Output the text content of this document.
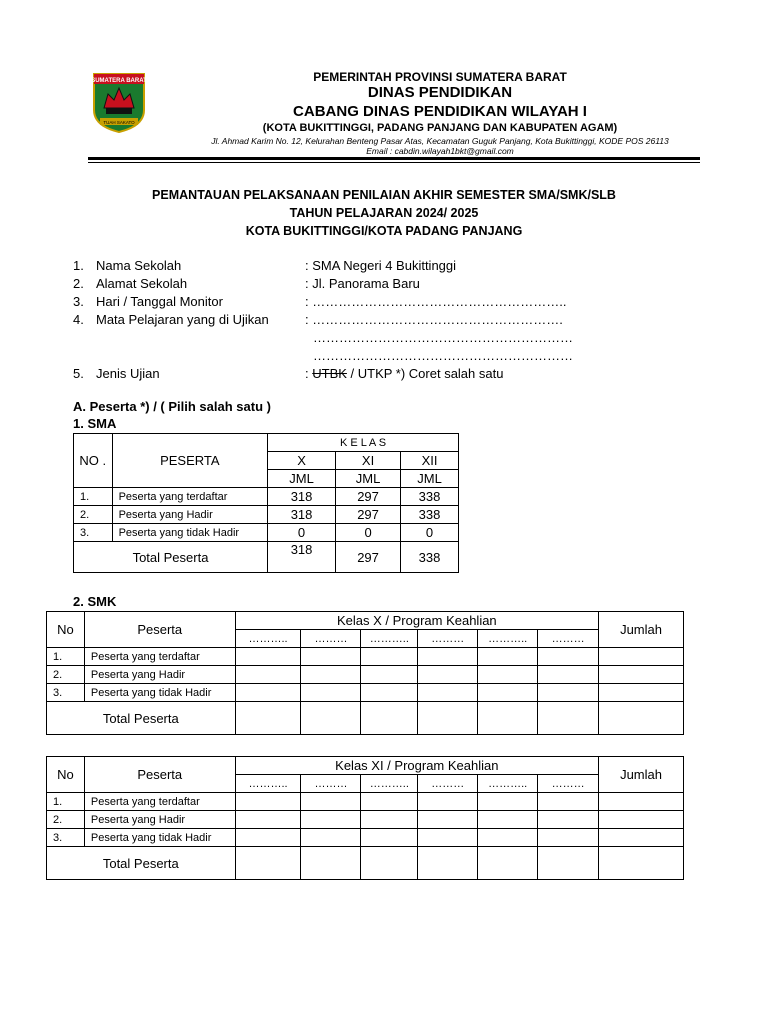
SUMATERA BARAT
TUAH SAKATO
PEMERINTAH PROVINSI SUMATERA BARAT
DINAS PENDIDIKAN
CABANG DINAS PENDIDIKAN WILAYAH I
(KOTA BUKITTINGGI, PADANG PANJANG DAN KABUPATEN AGAM)
Jl. Ahmad Karim No. 12, Kelurahan Benteng Pasar Atas, Kecamatan Guguk Panjang, Kota Bukittinggi, KODE POS 26113
Email : cabdin.wilayah1bkt@gmail.com
PEMANTAUAN PELAKSANAAN PENILAIAN AKHIR SEMESTER SMA/SMK/SLB
TAHUN PELAJARAN 2024/ 2025
KOTA BUKITTINGGI/KOTA PADANG PANJANG
1. Nama Sekolah	: SMA Negeri 4 Bukittinggi
2. Alamat Sekolah	: Jl. Panorama Baru
3. Hari / Tanggal Monitor	: …………………………………………………..
4. Mata Pelajaran yang di Ujikan	: ………………………………………………….
……………………………………………………
……………………………………………………
5. Jenis Ujian	: UTBK / UTKP *) Coret salah satu
A. Peserta *) / ( Pilih salah satu )
1. SMA
NO .	PESERTA	K E L A S		
		X	XI	XII
		JML	JML	JML
1.	Peserta yang terdaftar	318	297	338
2.	Peserta yang Hadir	318	297	338
3.	Peserta yang tidak Hadir	0	0	0
Total Peserta		318	297	338
2. SMK
No	Peserta	Kelas X / Program Keahlian						Jumlah
		………..	………	………..	………	………..	………	
1.	Peserta yang terdaftar							
2.	Peserta yang Hadir							
3.	Peserta yang tidak Hadir							
Total Peserta								
No	Peserta	Kelas XI / Program Keahlian						Jumlah
		………..	………	………..	………	………..	………	
1.	Peserta yang terdaftar							
2.	Peserta yang Hadir							
3.	Peserta yang tidak Hadir							
Total Peserta								
